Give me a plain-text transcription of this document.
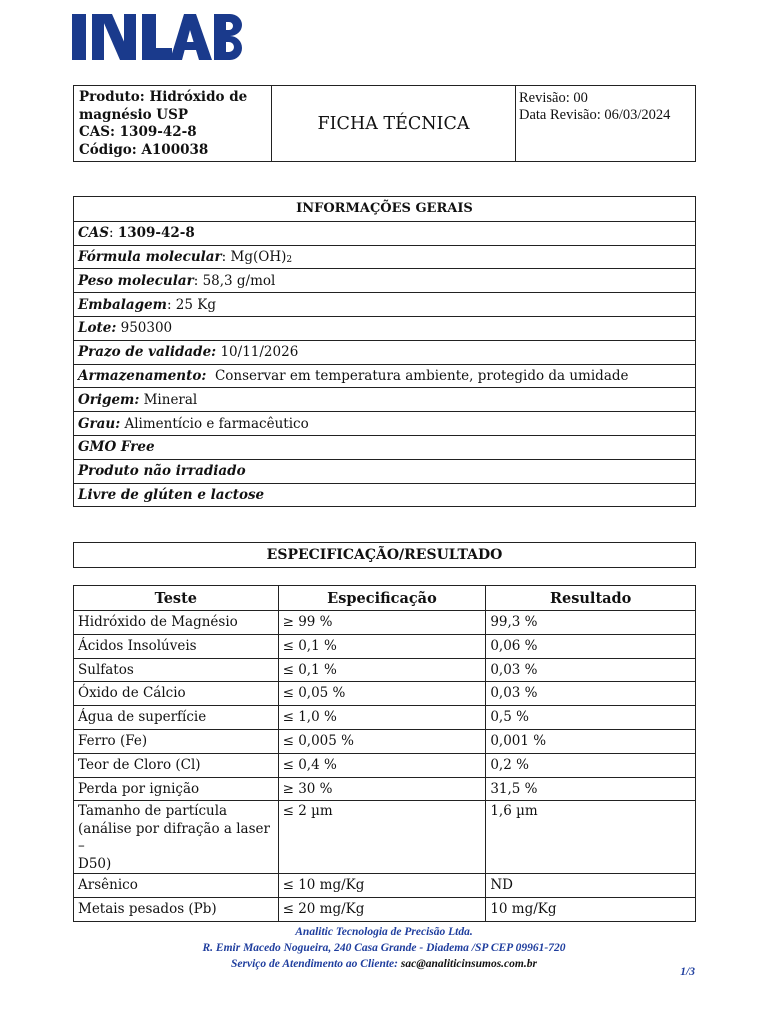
Produto: Hidróxido de
magnésio USP
CAS: 1309-42-8
Código: A100038
FICHA TÉCNICA
Revisão: 00
Data Revisão: 06/03/2024
INFORMAÇÕES GERAIS
CAS : 1309-42-8
Fórmula molecular : Mg(OH) 2
Peso molecular : 58,3 g/mol
Embalagem : 25 Kg
Lote:
950300
Prazo de validade:
10/11/2026
Armazenamento:
Conservar em temperatura ambiente, protegido da umidade
Origem:
Mineral
Grau:
Alimentício e farmacêutico
GMO Free
Produto não irradiado
Livre de glúten e lactose
ESPECIFICAÇÃO/RESULTADO
Teste	Especificação	Resultado
Hidróxido de Magnésio	≥ 99 %	99,3 %
Ácidos Insolúveis	≤ 0,1 %	0,06 %
Sulfatos	≤ 0,1 %	0,03 %
Óxido de Cálcio	≤ 0,05 %	0,03 %
Água de superfície	≤ 1,0 %	0,5 %
Ferro (Fe)	≤ 0,005 %	0,001 %
Teor de Cloro (Cl)	≤ 0,4 %	0,2 %
Perda por ignição	≥ 30 %	31,5 %

Tamanho de partícula
(análise por difração a laser –
D50)	≤ 2 µm	1,6 µm
Arsênico	≤ 10 mg/Kg	ND
Metais pesados (Pb)	≤ 20 mg/Kg	10 mg/Kg
Analitic Tecnologia de Precisão Ltda.
R. Emir Macedo Nogueira, 240 Casa Grande - Diadema /SP CEP 09961-720
Serviço de Atendimento ao Cliente: sac@analiticinsumos.com.br
1/3
